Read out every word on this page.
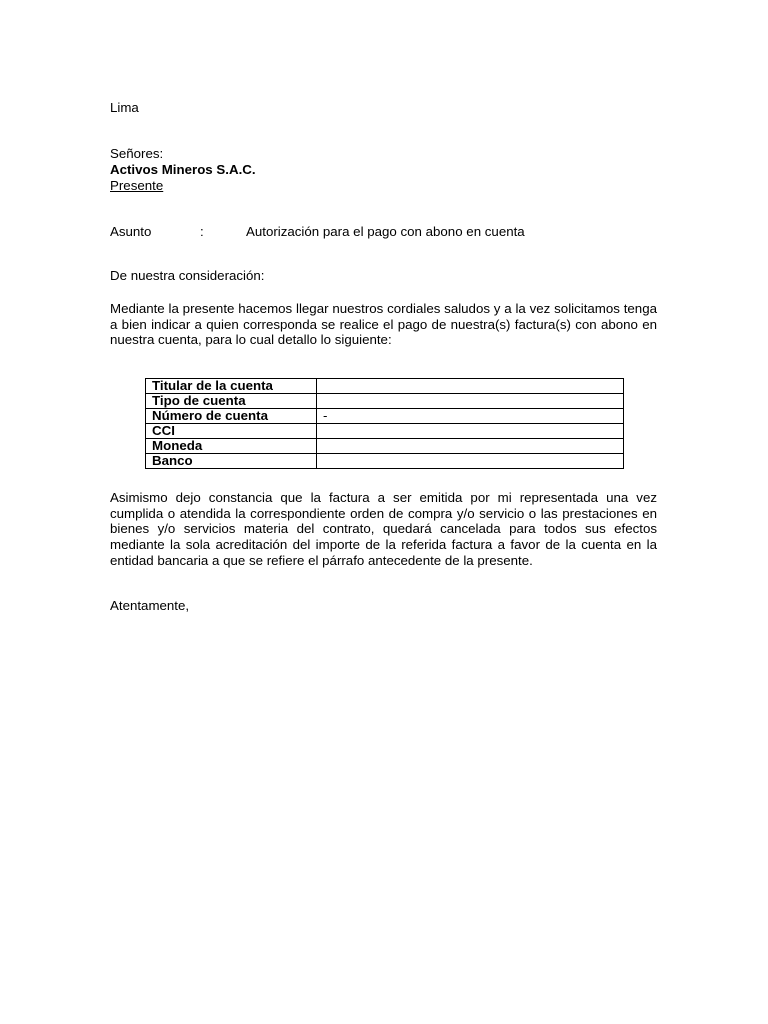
Lima

Señores:

Activos Mineros S.A.C.

Presente

Asunto	:	Autorización para el pago con abono en cuenta

De nuestra consideración:

Mediante la presente hacemos llegar nuestros cordiales saludos y a la vez solicitamos tenga a bien indicar a quien corresponda se realice el pago de nuestra(s) factura(s) con abono en nuestra cuenta, para lo cual detallo lo siguiente:

Titular de la cuenta	
Tipo de cuenta	
Número de cuenta	-
CCI	
Moneda	
Banco	

Asimismo dejo constancia que la factura a ser emitida por mi representada una vez cumplida o atendida la correspondiente orden de compra y/o servicio o las prestaciones en bienes y/o servicios materia del contrato, quedará cancelada para todos sus efectos mediante la sola acreditación del importe de la referida factura a favor de la cuenta en la entidad bancaria a que se refiere el párrafo antecedente de la presente.

Atentamente,
